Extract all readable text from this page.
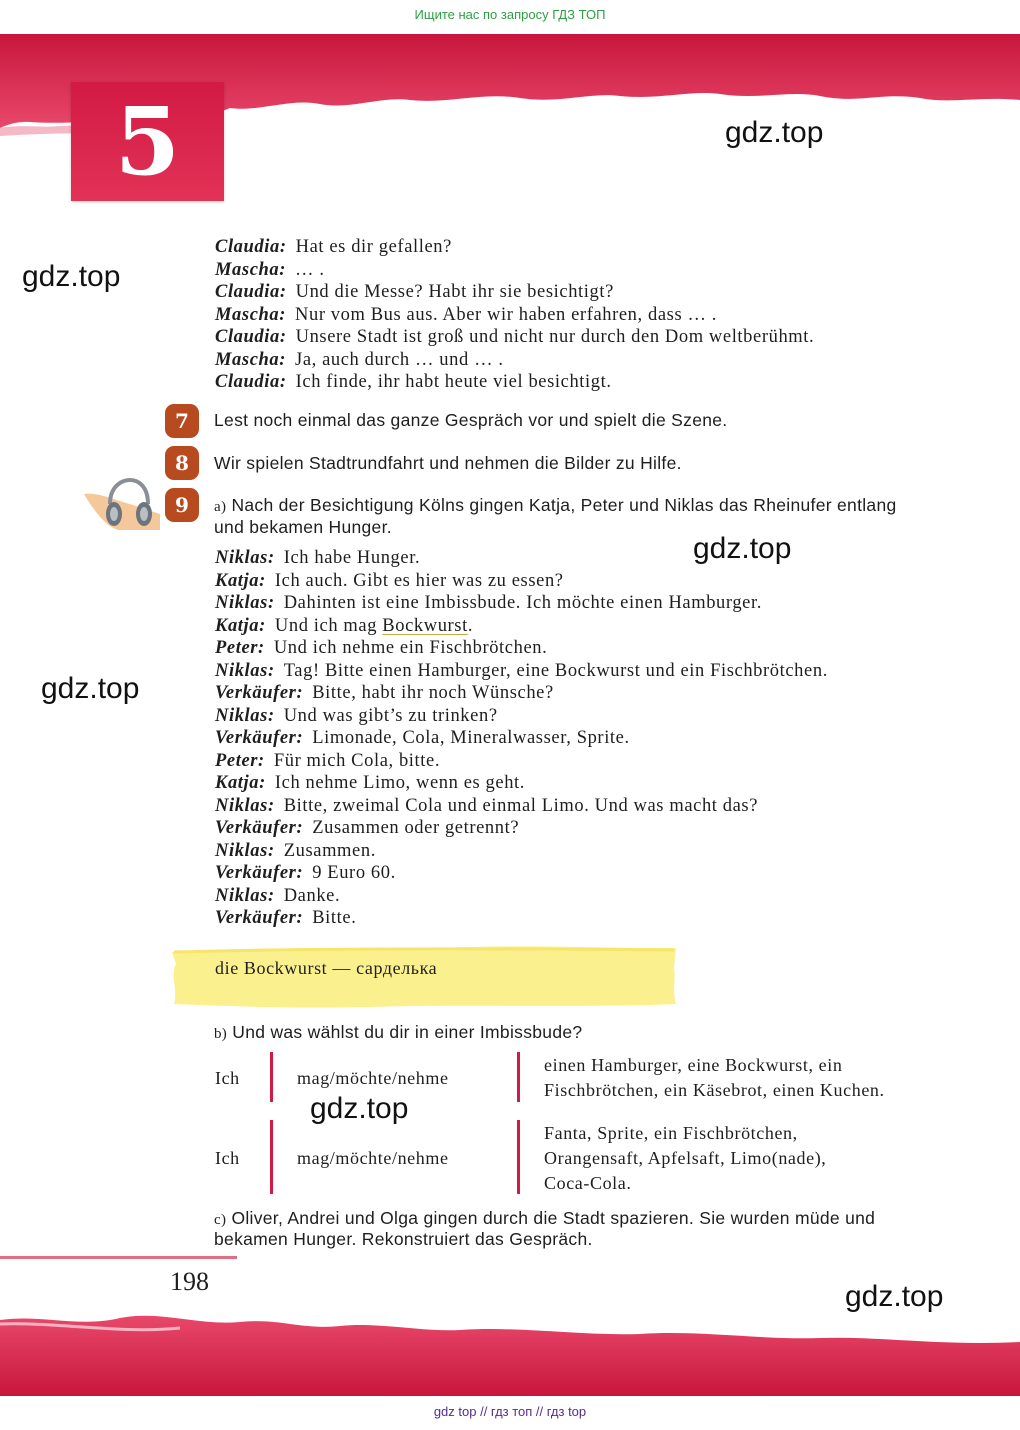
Ищите нас по запросу ГДЗ ТОП
5	gdz.top
gdz.top
gdz.top
gdz.top
gdz.top
gdz.top
Claudia: Hat es dir gefallen?
Mascha: … .
Claudia: Und die Messe? Habt ihr sie besichtigt?
Mascha: Nur vom Bus aus. Aber wir haben erfahren, dass … .
Claudia: Unsere Stadt ist groß und nicht nur durch den Dom weltberühmt.
Mascha: Ja, auch durch … und … .
Claudia: Ich finde, ihr habt heute viel besichtigt.
7	Lest noch einmal das ganze Gespräch vor und spielt die Szene.
8	Wir spielen Stadtrundfahrt und nehmen die Bilder zu Hilfe.
9	a) Nach der Besichtigung Kölns gingen Katja, Peter und Niklas das Rheinufer entlang
und bekamen Hunger.
Niklas: Ich habe Hunger.
Katja: Ich auch. Gibt es hier was zu essen?
Niklas: Dahinten ist eine Imbissbude. Ich möchte einen Hamburger.
Katja: Und ich mag Bockwurst.
Peter: Und ich nehme ein Fischbrötchen.
Niklas: Tag! Bitte einen Hamburger, eine Bockwurst und ein Fischbrötchen.
Verkäufer: Bitte, habt ihr noch Wünsche?
Niklas: Und was gibt’s zu trinken?
Verkäufer: Limonade, Cola, Mineralwasser, Sprite.
Peter: Für mich Cola, bitte.
Katja: Ich nehme Limo, wenn es geht.
Niklas: Bitte, zweimal Cola und einmal Limo. Und was macht das?
Verkäufer: Zusammen oder getrennt?
Niklas: Zusammen.
Verkäufer: 9 Euro 60.
Niklas: Danke.
Verkäufer: Bitte.
die Bockwurst — сарделька
b) Und was wählst du dir in einer Imbissbude?
Ich	mag/möchte/nehme
einen Hamburger, eine Bockwurst, ein
Fischbrötchen, ein Käsebrot, einen Kuchen.
Ich	mag/möchte/nehme
Fanta, Sprite, ein Fischbrötchen,
Orangensaft, Apfelsaft, Limo(nade),
Coca-Cola.
c) Oliver, Andrei und Olga gingen durch die Stadt spazieren. Sie wurden müde und
bekamen Hunger. Rekonstruiert das Gespräch.
198
gdz top // гдз топ // гдз top
